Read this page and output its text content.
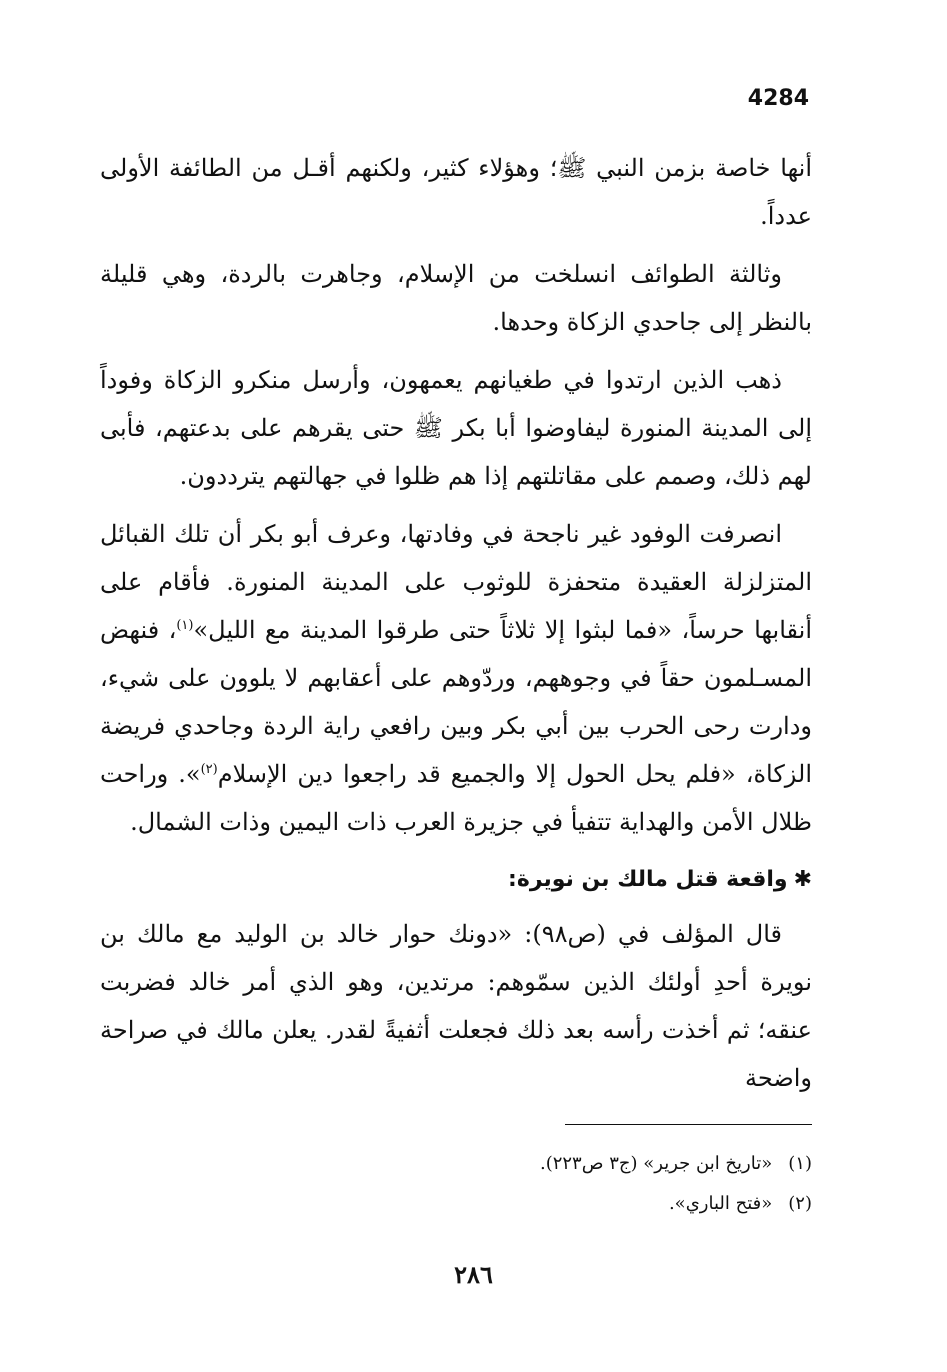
4284

أنها خاصة بزمن النبي ﷺ؛ وهؤلاء كثير، ولكنهم أقـل من الطائفة الأولى عدداً.

وثالثة الطوائف انسلخت من الإسلام، وجاهرت بالردة، وهي قليلة بالنظر إلى جاحدي الزكاة وحدها.

ذهب الذين ارتدوا في طغيانهم يعمهون، وأرسل منكرو الزكاة وفوداً إلى المدينة المنورة ليفاوضوا أبا بكر ﷺ حتى يقرهم على بدعتهم، فأبى لهم ذلك، وصمم على مقاتلتهم إذا هم ظلوا في جهالتهم يترددون.

انصرفت الوفود غير ناجحة في وفادتها، وعرف أبو بكر أن تلك القبائل المتزلزلة العقيدة متحفزة للوثوب على المدينة المنورة. فأقام على أنقابها حرساً، «فما لبثوا إلا ثلاثاً حتى طرقوا المدينة مع الليل»$^{(١)}$، فنهض المسـلمون حقاً في وجوههم، وردّوهم على أعقابهم لا يلوون على شيء، ودارت رحى الحرب بين أبي بكر وبين رافعي راية الردة وجاحدي فريضة الزكاة، «فلم يحل الحول إلا والجميع قد راجعوا دين الإسلام$^{(٢)}$». وراحت ظلال الأمن والهداية تتفيأ في جزيرة العرب ذات اليمين وذات الشمال.

✱واقعة قتل مالك بن نويرة:

قال المؤلف في (ص٩٨): «دونك حوار خالد بن الوليد مع مالك بن نويرة أحدِ أولئك الذين سمّوهم: مرتدين، وهو الذي أمر خالد فضربت عنقه؛ ثم أخذت رأسه بعد ذلك فجعلت أثفيةً لقدر. يعلن مالك في صراحة واضحة

(١)«تاريخ ابن جرير» (ج٣ ص٢٢٣).
(٢)«فتح الباري».
٢٨٦
